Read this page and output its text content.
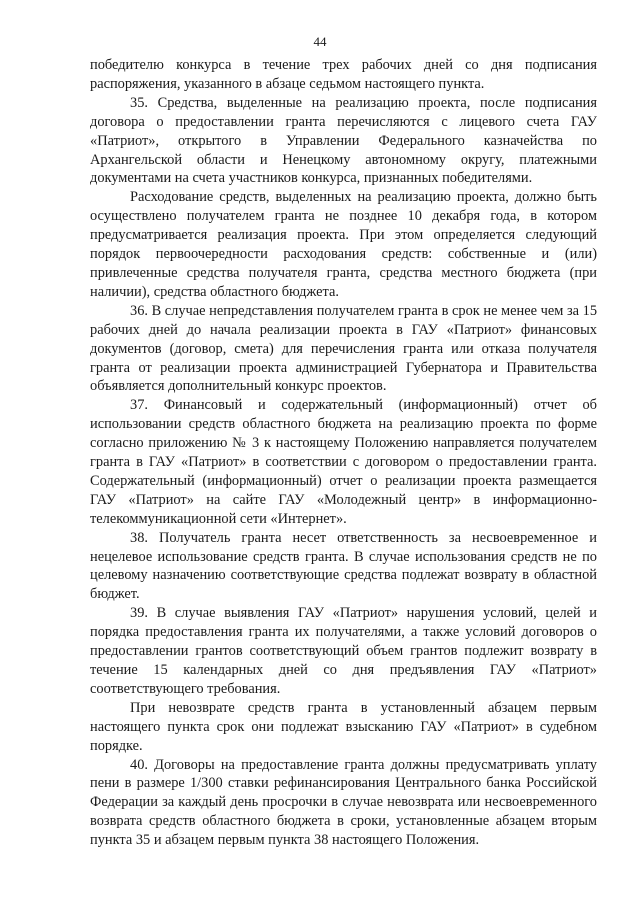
44

победителю конкурса в течение трех рабочих дней со дня подписания распоряжения, указанного в абзаце седьмом настоящего пункта.

35. Средства, выделенные на реализацию проекта, после подписания договора о предоставлении гранта перечисляются с лицевого счета ГАУ «Патриот», открытого в Управлении Федерального казначейства по Архангельской области и Ненецкому автономному округу, платежными документами на счета участников конкурса, признанных победителями.

Расходование средств, выделенных на реализацию проекта, должно быть осуществлено получателем гранта не позднее 10 декабря года, в котором предусматривается реализация проекта. При этом определяется следующий порядок первоочередности расходования средств: собственные и (или) привлеченные средства получателя гранта, средства местного бюджета (при наличии), средства областного бюджета.

36. В случае непредставления получателем гранта в срок не менее чем за 15 рабочих дней до начала реализации проекта в ГАУ «Патриот» финансовых документов (договор, смета) для перечисления гранта или отказа получателя гранта от реализации проекта администрацией Губернатора и Правительства объявляется дополнительный конкурс проектов.

37. Финансовый и содержательный (информационный) отчет об использовании средств областного бюджета на реализацию проекта по форме согласно приложению № 3 к настоящему Положению направляется получателем гранта в ГАУ «Патриот» в соответствии с договором о предоставлении гранта. Содержательный (информационный) отчет о реализации проекта размещается ГАУ «Патриот» на сайте ГАУ «Молодежный центр» в информационно-телекоммуникационной сети «Интернет».

38. Получатель гранта несет ответственность за несвоевременное и нецелевое использование средств гранта. В случае использования средств не по целевому назначению соответствующие средства подлежат возврату в областной бюджет.

39. В случае выявления ГАУ «Патриот» нарушения условий, целей и порядка предоставления гранта их получателями, а также условий договоров о предоставлении грантов соответствующий объем грантов подлежит возврату в течение 15 календарных дней со дня предъявления ГАУ «Патриот» соответствующего требования.

При невозврате средств гранта в установленный абзацем первым настоящего пункта срок они подлежат взысканию ГАУ «Патриот» в судебном порядке.

40. Договоры на предоставление гранта должны предусматривать уплату пени в размере 1/300 ставки рефинансирования Центрального банка Российской Федерации за каждый день просрочки в случае невозврата или несвоевременного возврата средств областного бюджета в сроки, установленные абзацем вторым пункта 35 и абзацем первым пункта 38 настоящего Положения.
